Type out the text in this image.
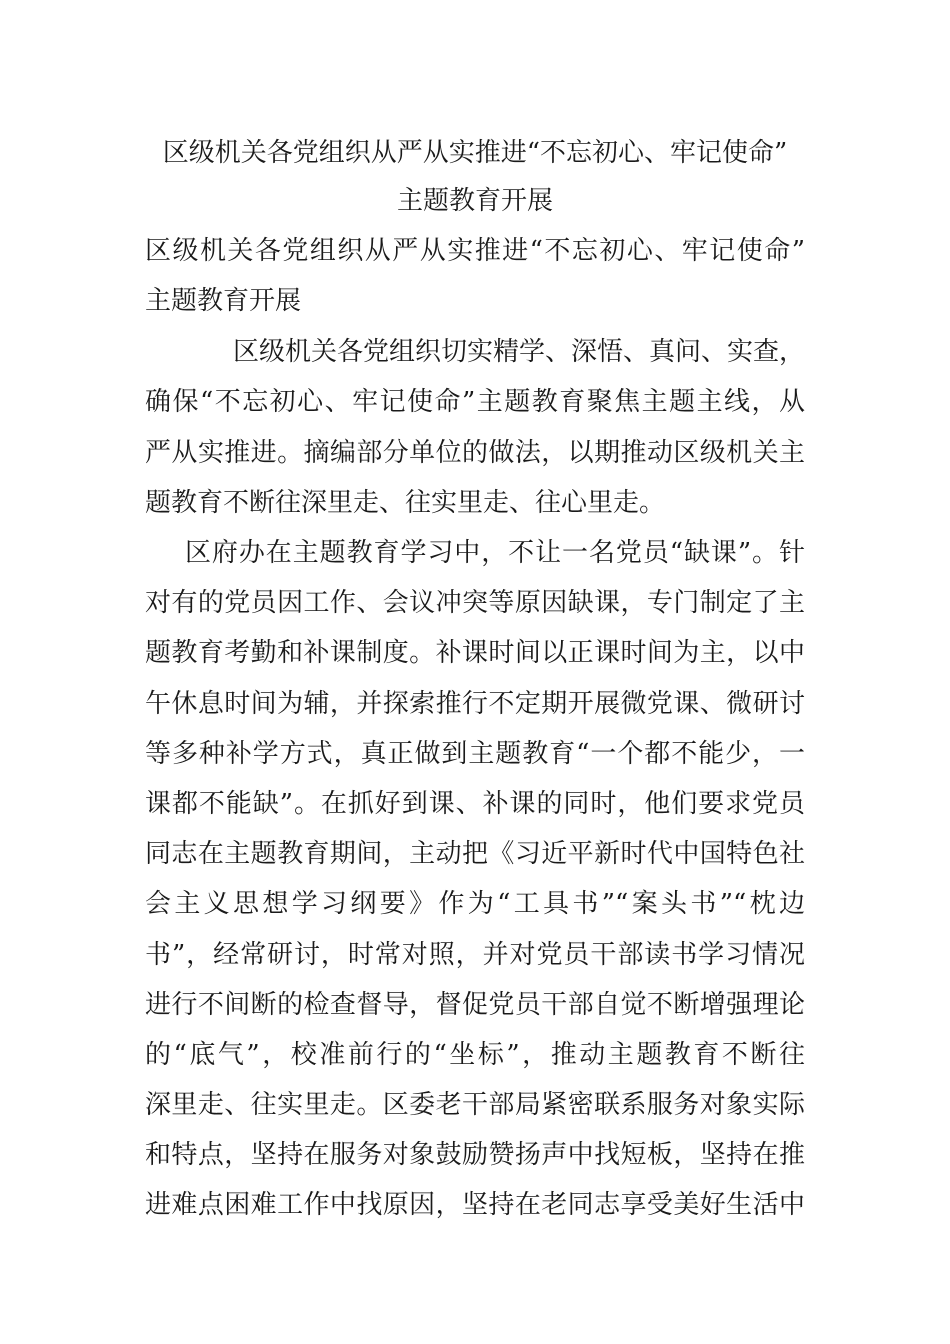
区级机关各党组织从严从实推进“不忘初心、牢记使命”
主题教育开展
区级机关各党组织从严从实推进“不忘初心、牢记使命”
主题教育开展
区级机关各党组织切实精学、深悟、真问、实查，
确保“不忘初心、牢记使命”主题教育聚焦主题主线，从
严从实推进。摘编部分单位的做法，以期推动区级机关主
题教育不断往深里走、往实里走、往心里走。
区府办在主题教育学习中，不让一名党员“缺课”。针
对有的党员因工作、会议冲突等原因缺课，专门制定了主
题教育考勤和补课制度。补课时间以正课时间为主，以中
午休息时间为辅，并探索推行不定期开展微党课、微研讨
等多种补学方式，真正做到主题教育“一个都不能少，一
课都不能缺”。在抓好到课、补课的同时，他们要求党员
同志在主题教育期间，主动把《习近平新时代中国特色社
会主义思想学习纲要》作为“工具书”“案头书”“枕边
书”，经常研讨，时常对照，并对党员干部读书学习情况
进行不间断的检查督导，督促党员干部自觉不断增强理论
的“底气”，校准前行的“坐标”，推动主题教育不断往
深里走、往实里走。区委老干部局紧密联系服务对象实际
和特点，坚持在服务对象鼓励赞扬声中找短板，坚持在推
进难点困难工作中找原因，坚持在老同志享受美好生活中
